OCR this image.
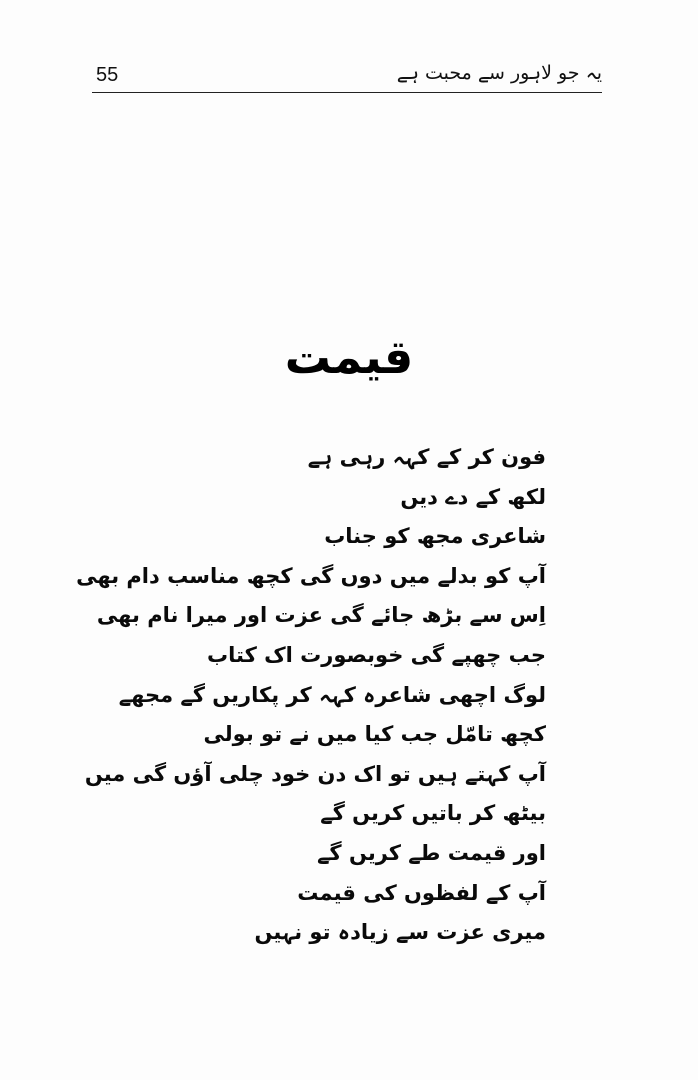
55	یہ جو لاہور سے محبت ہے
قیمت
فون کر کے کہہ رہی ہے
لکھ کے دے دیں
شاعری مجھ کو جناب
آپ کو بدلے میں دوں گی کچھ مناسب دام بھی
اِس سے بڑھ جائے گی عزت اور میرا نام بھی
جب چھپے گی خوبصورت اک کتاب
لوگ اچھی شاعرہ کہہ کر پکاریں گے مجھے
کچھ تامّل جب کیا میں نے تو بولی
آپ کہتے ہیں تو اک دن خود چلی آؤں گی میں
بیٹھ کر باتیں کریں گے
اور قیمت طے کریں گے
آپ کے لفظوں کی قیمت
میری عزت سے زیادہ تو نہیں
